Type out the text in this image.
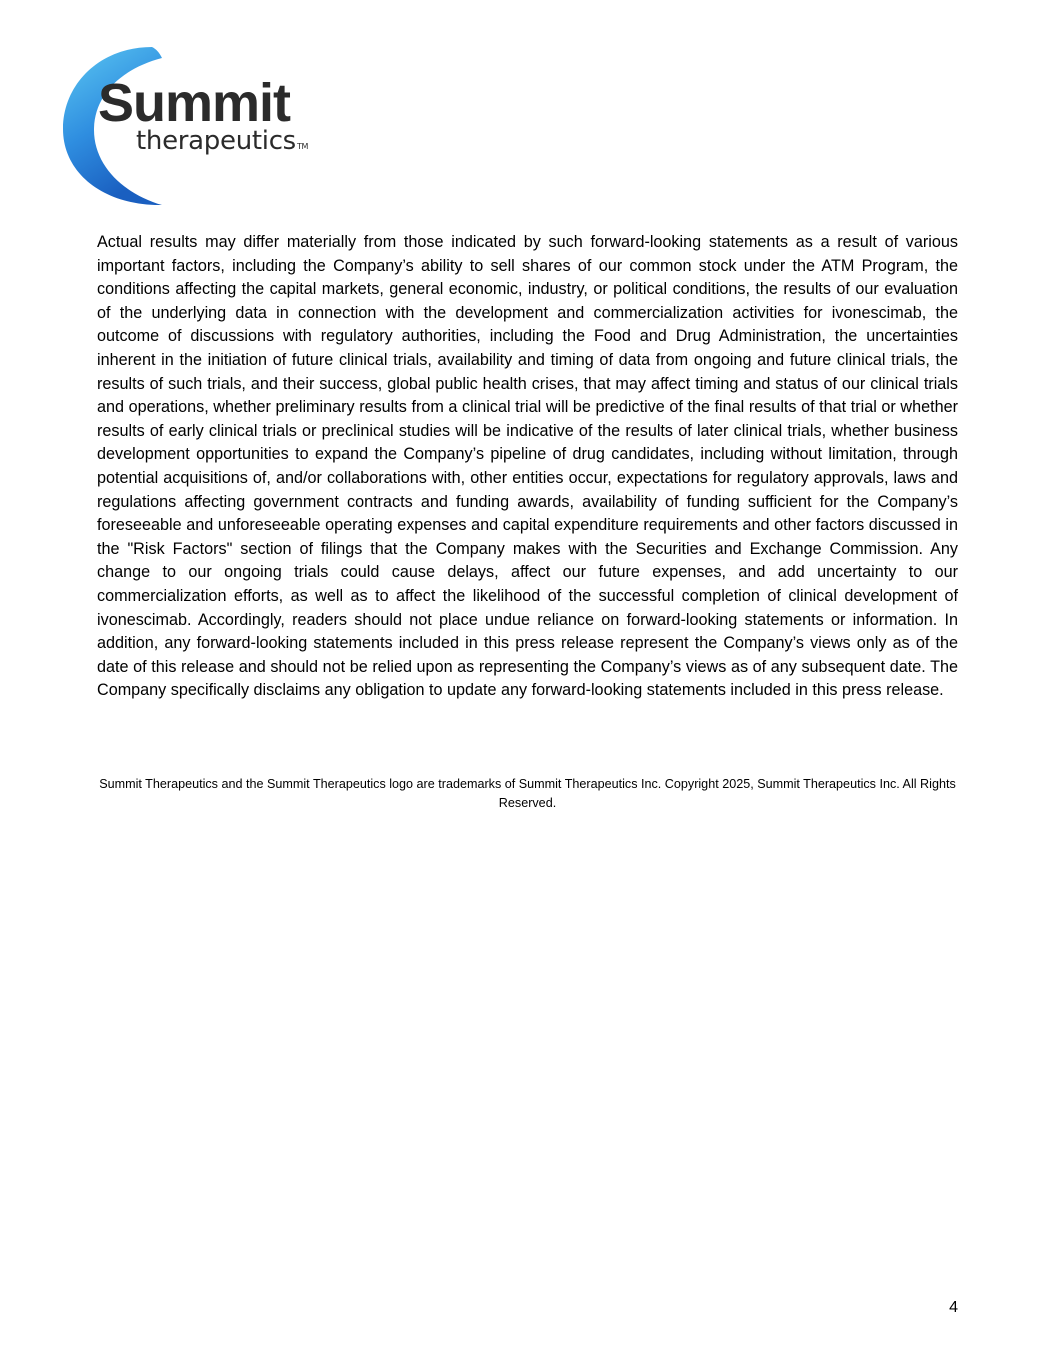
Summit
therapeuticsTM

Actual results may differ materially from those indicated by such forward-looking statements as a result of various important factors, including the Company’s ability to sell shares of our common stock under the ATM Program, the conditions affecting the capital markets, general economic, industry, or political conditions, the results of our evaluation of the underlying data in connection with the development and commercialization activities for ivonescimab, the outcome of discussions with regulatory authorities, including the Food and Drug Administration, the uncertainties inherent in the initiation of future clinical trials, availability and timing of data from ongoing and future clinical trials, the results of such trials, and their success, global public health crises, that may affect timing and status of our clinical trials and operations, whether preliminary results from a clinical trial will be predictive of the final results of that trial or whether results of early clinical trials or preclinical studies will be indicative of the results of later clinical trials, whether business development opportunities to expand the Company’s pipeline of drug candidates, including without limitation, through potential acquisitions of, and/or collaborations with, other entities occur, expectations for regulatory approvals, laws and regulations affecting government contracts and funding awards, availability of funding sufficient for the Company’s foreseeable and unforeseeable operating expenses and capital expenditure requirements and other factors discussed in the "Risk Factors" section of filings that the Company makes with the Securities and Exchange Commission. Any change to our ongoing trials could cause delays, affect our future expenses, and add uncertainty to our commercialization efforts, as well as to affect the likelihood of the successful completion of clinical development of ivonescimab. Accordingly, readers should not place undue reliance on forward-looking statements or information. In addition, any forward-looking statements included in this press release represent the Company’s views only as of the date of this release and should not be relied upon as representing the Company’s views as of any subsequent date. The Company specifically disclaims any obligation to update any forward-looking statements included in this press release.

Summit Therapeutics and the Summit Therapeutics logo are trademarks of Summit Therapeutics Inc. Copyright 2025, Summit Therapeutics Inc. All Rights Reserved.

4
